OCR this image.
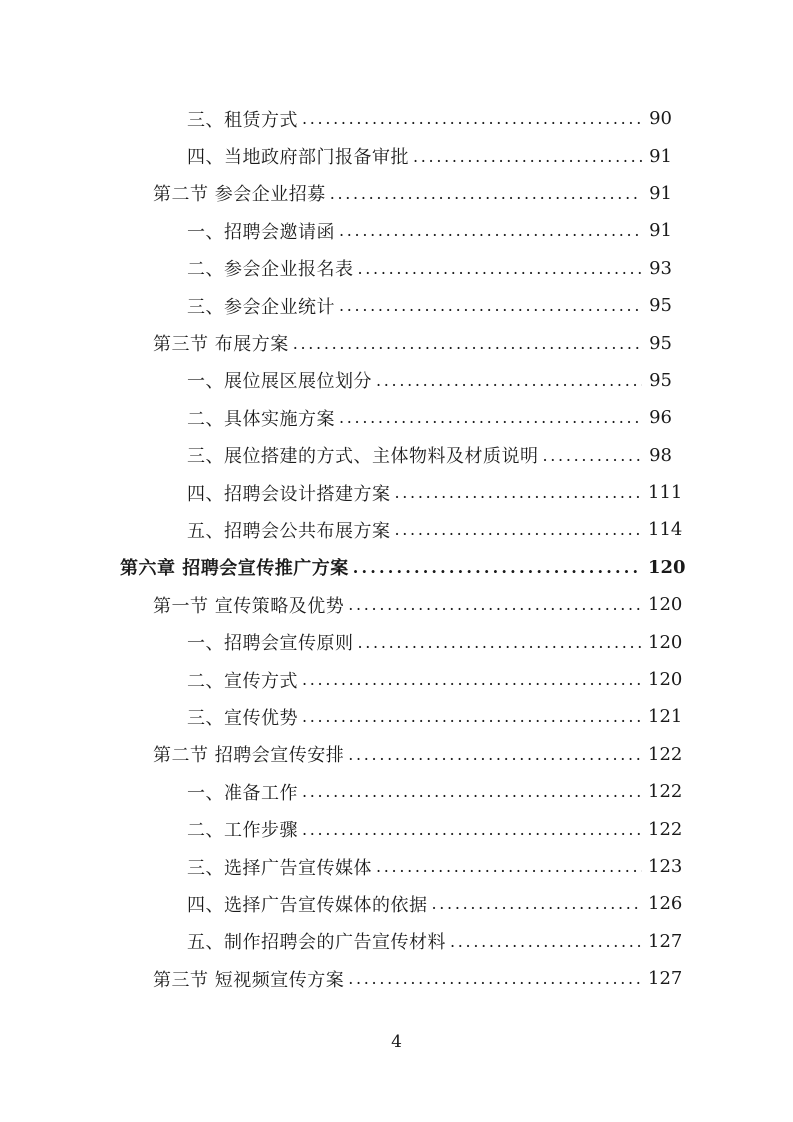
三、租赁方式 . . .	90
四、当地政府部门报备审批 . . .	91
第二节 参会企业招募 . . .	91
一、招聘会邀请函 . . .	91
二、参会企业报名表 . . .	93
三、参会企业统计 . . .	95
第三节 布展方案 . . .	95
一、展位展区展位划分 . . .	95
二、具体实施方案 . . .	96
三、展位搭建的方式、主体物料及材质说明 . . .	98
四、招聘会设计搭建方案 . . .	111
五、招聘会公共布展方案 . . .	114
第六章 招聘会宣传推广方案 . . .	120
第一节 宣传策略及优势 . . .	120
一、招聘会宣传原则 . . .	120
二、宣传方式 . . .	120
三、宣传优势 . . .	121
第二节 招聘会宣传安排 . . .	122
一、准备工作 . . .	122
二、工作步骤 . . .	122
三、选择广告宣传媒体 . . .	123
四、选择广告宣传媒体的依据 . . .	126
五、制作招聘会的广告宣传材料 . . .	127
第三节 短视频宣传方案 . . .	127
4
